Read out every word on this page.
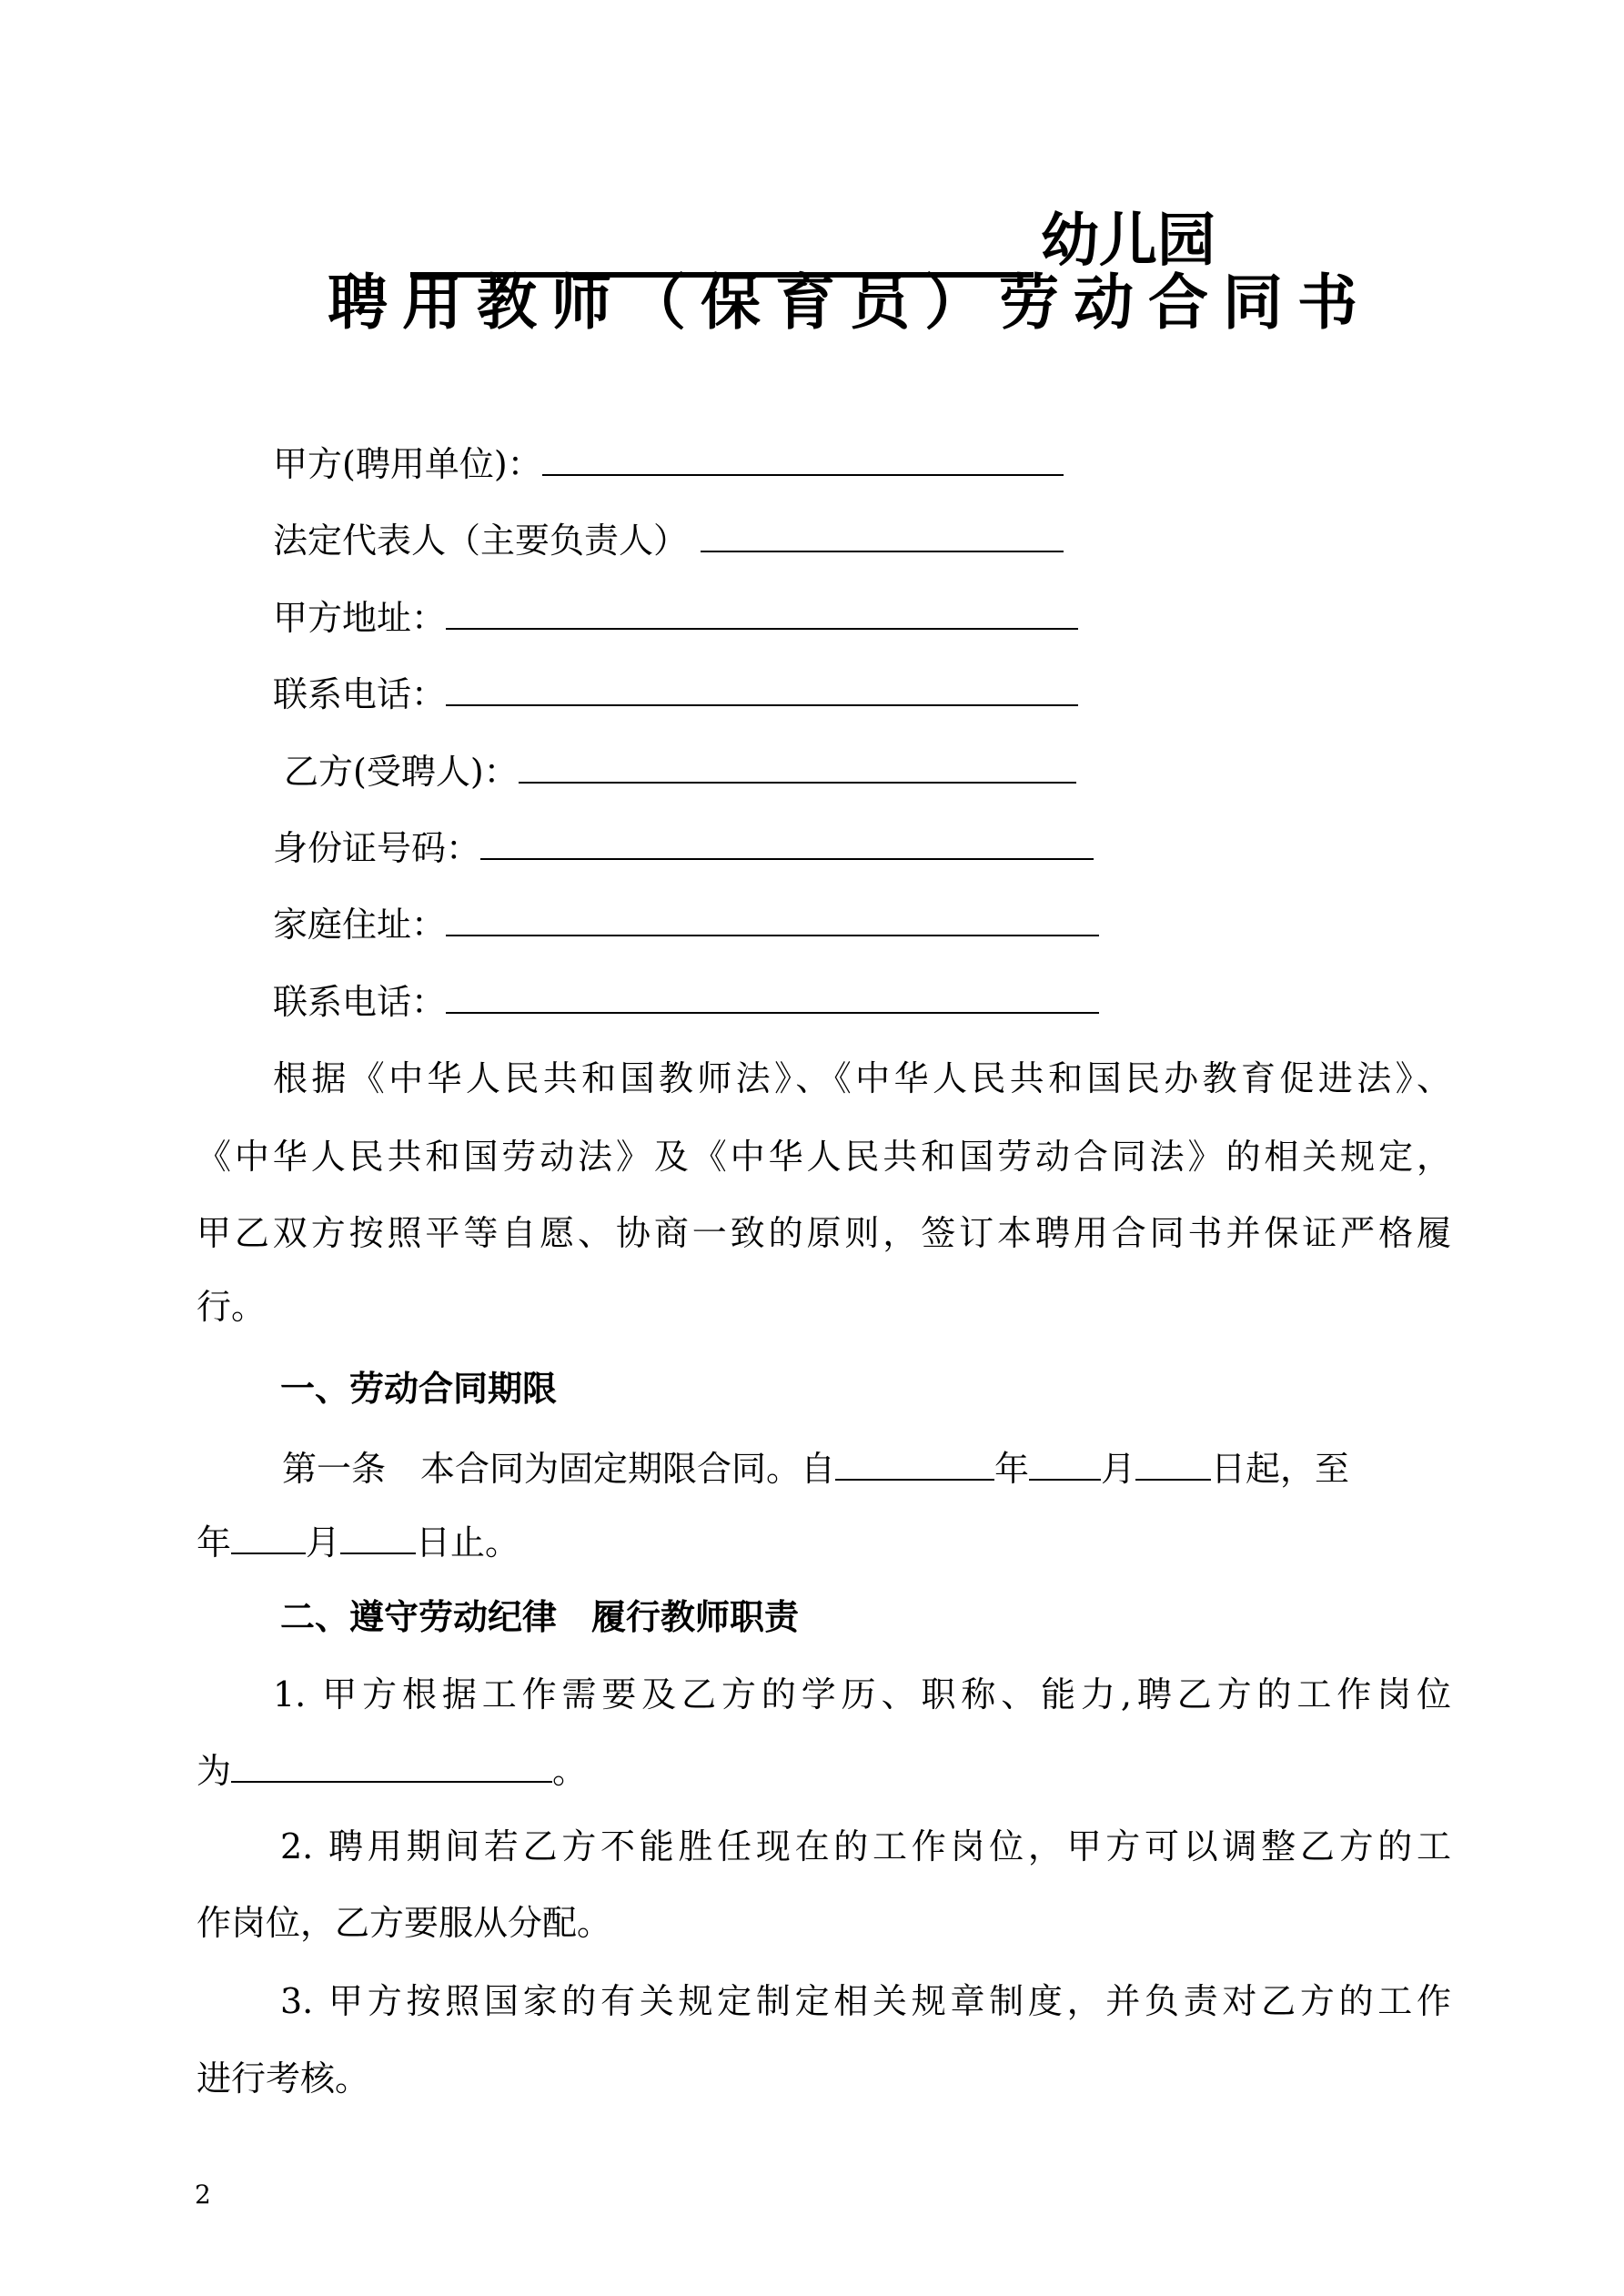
幼儿园
聘用教师（保育员）劳动合同书
甲方(聘用单位)：
法定代表人（主要负责人）
甲方地址：
联系电话：
乙方(受聘人)：
身份证号码：
家庭住址：
联系电话：
根据《中华人民共和国教师法》、《中华人民共和国民办教育促进法》、
《中华人民共和国劳动法》及《中华人民共和国劳动合同法》的相关规定，
甲乙双方按照平等自愿、协商一致的原则，签订本聘用合同书并保证严格履
行。
一、劳动合同期限
第一条　本合同为固定期限合同。自	年 月 日起，至
年 月 日止。
二、遵守劳动纪律　履行教师职责
1. 甲方根据工作需要及乙方的学历、职称、能力,聘乙方的工作岗位
为	。
2. 聘用期间若乙方不能胜任现在的工作岗位，甲方可以调整乙方的工
作岗位，乙方要服从分配。
3. 甲方按照国家的有关规定制定相关规章制度，并负责对乙方的工作
进行考核。
2
